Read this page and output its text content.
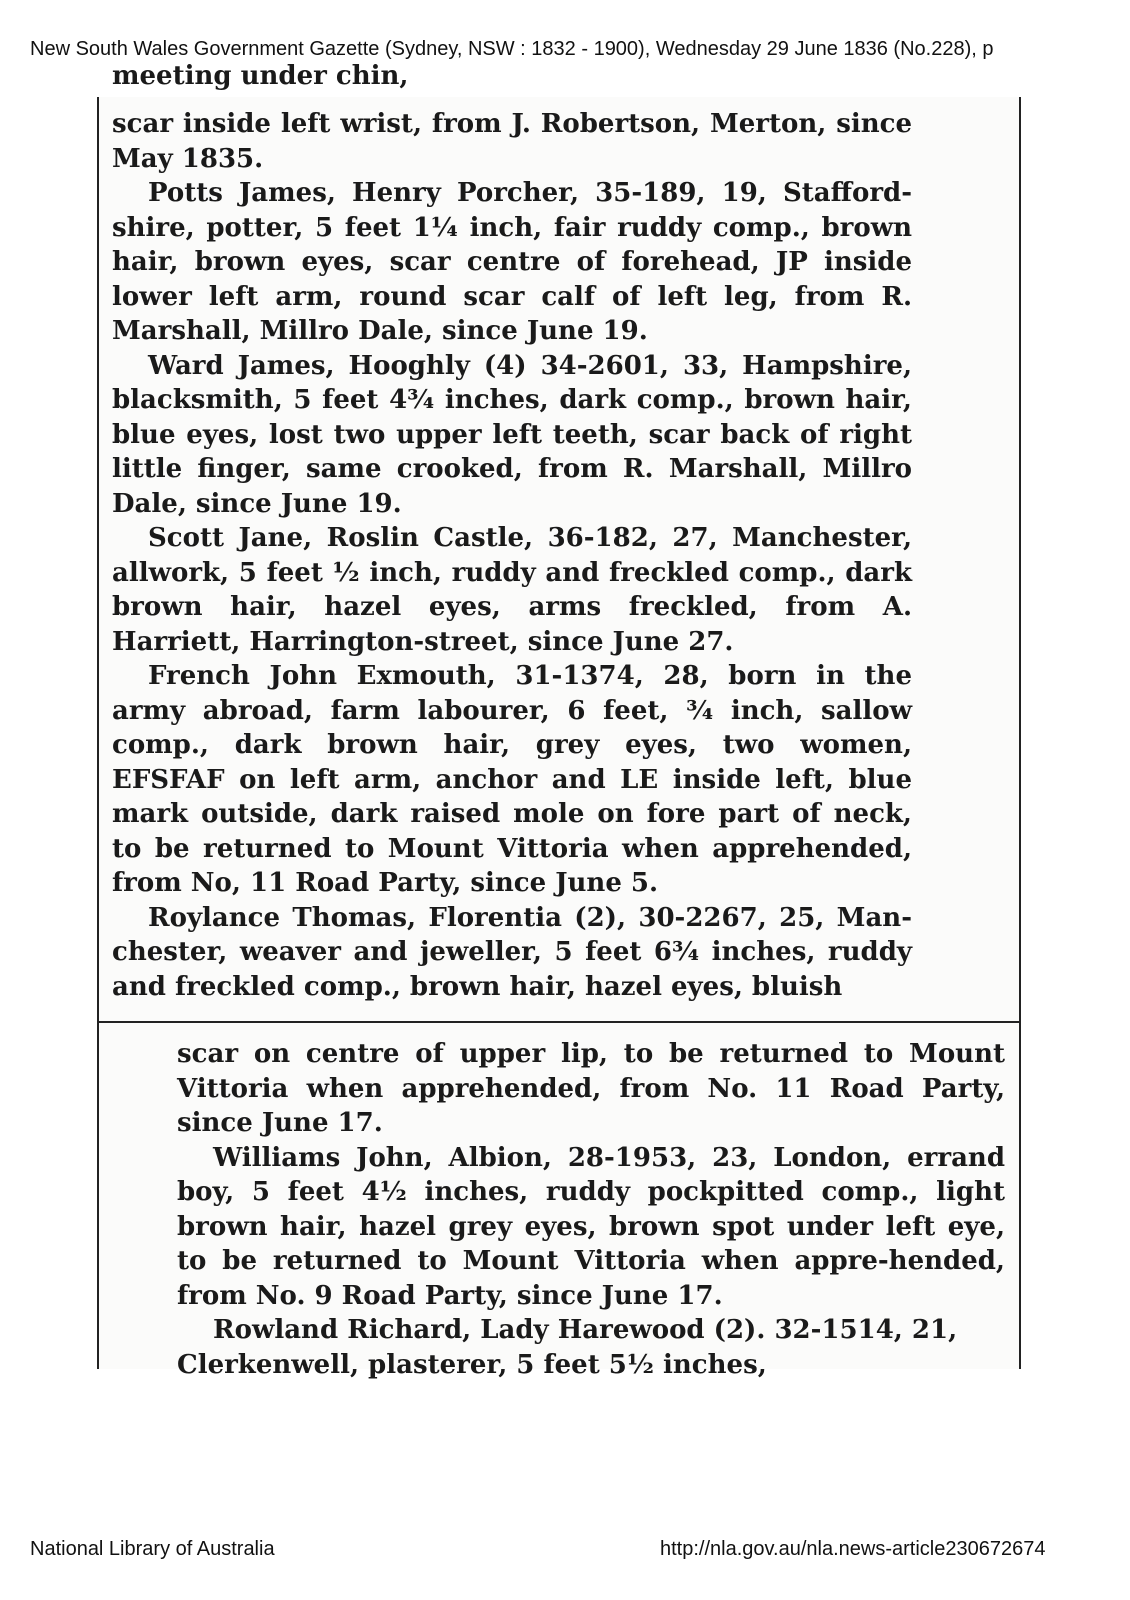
New South Wales Government Gazette (Sydney, NSW : 1832 - 1900), Wednesday 29 June 1836 (No.228), p
meeting under chin,

scar inside left wrist, from J. Robertson, Merton, since May 1835.

Potts James, Henry Porcher, 35-189, 19, Stafford-shire, potter, 5 feet 1¼ inch, fair ruddy comp., brown hair, brown eyes, scar centre of forehead, JP inside lower left arm, round scar calf of left leg, from R. Marshall, Millro Dale, since June 19.

Ward James, Hooghly (4) 34-2601, 33, Hampshire, blacksmith, 5 feet 4¾ inches, dark comp., brown hair, blue eyes, lost two upper left teeth, scar back of right little finger, same crooked, from R. Marshall, Millro Dale, since June 19.

Scott Jane, Roslin Castle, 36-182, 27, Manchester, allwork, 5 feet ½ inch, ruddy and freckled comp., dark brown hair, hazel eyes, arms freckled, from A. Harriett, Harrington-street, since June 27.

French John Exmouth, 31-1374, 28, born in the army abroad, farm labourer, 6 feet, ¾ inch, sallow comp., dark brown hair, grey eyes, two women, EFSFAF on left arm, anchor and LE inside left, blue mark outside, dark raised mole on fore part of neck, to be returned to Mount Vittoria when apprehended, from No, 11 Road Party, since June 5.

Roylance Thomas, Florentia (2), 30-2267, 25, Man-chester, weaver and jeweller, 5 feet 6¾ inches, ruddy and freckled comp., brown hair, hazel eyes, bluish

scar on centre of upper lip, to be returned to Mount Vittoria when apprehended, from No. 11 Road Party, since June 17.

Williams John, Albion, 28-1953, 23, London, errand boy, 5 feet 4½ inches, ruddy pockpitted comp., light brown hair, hazel grey eyes, brown spot under left eye, to be returned to Mount Vittoria when appre-hended, from No. 9 Road Party, since June 17.

Rowland Richard, Lady Harewood (2). 32-1514, 21,

Clerkenwell, plasterer, 5 feet 5½ inches,
National Library of Australia	http://nla.gov.au/nla.news-article230672674
